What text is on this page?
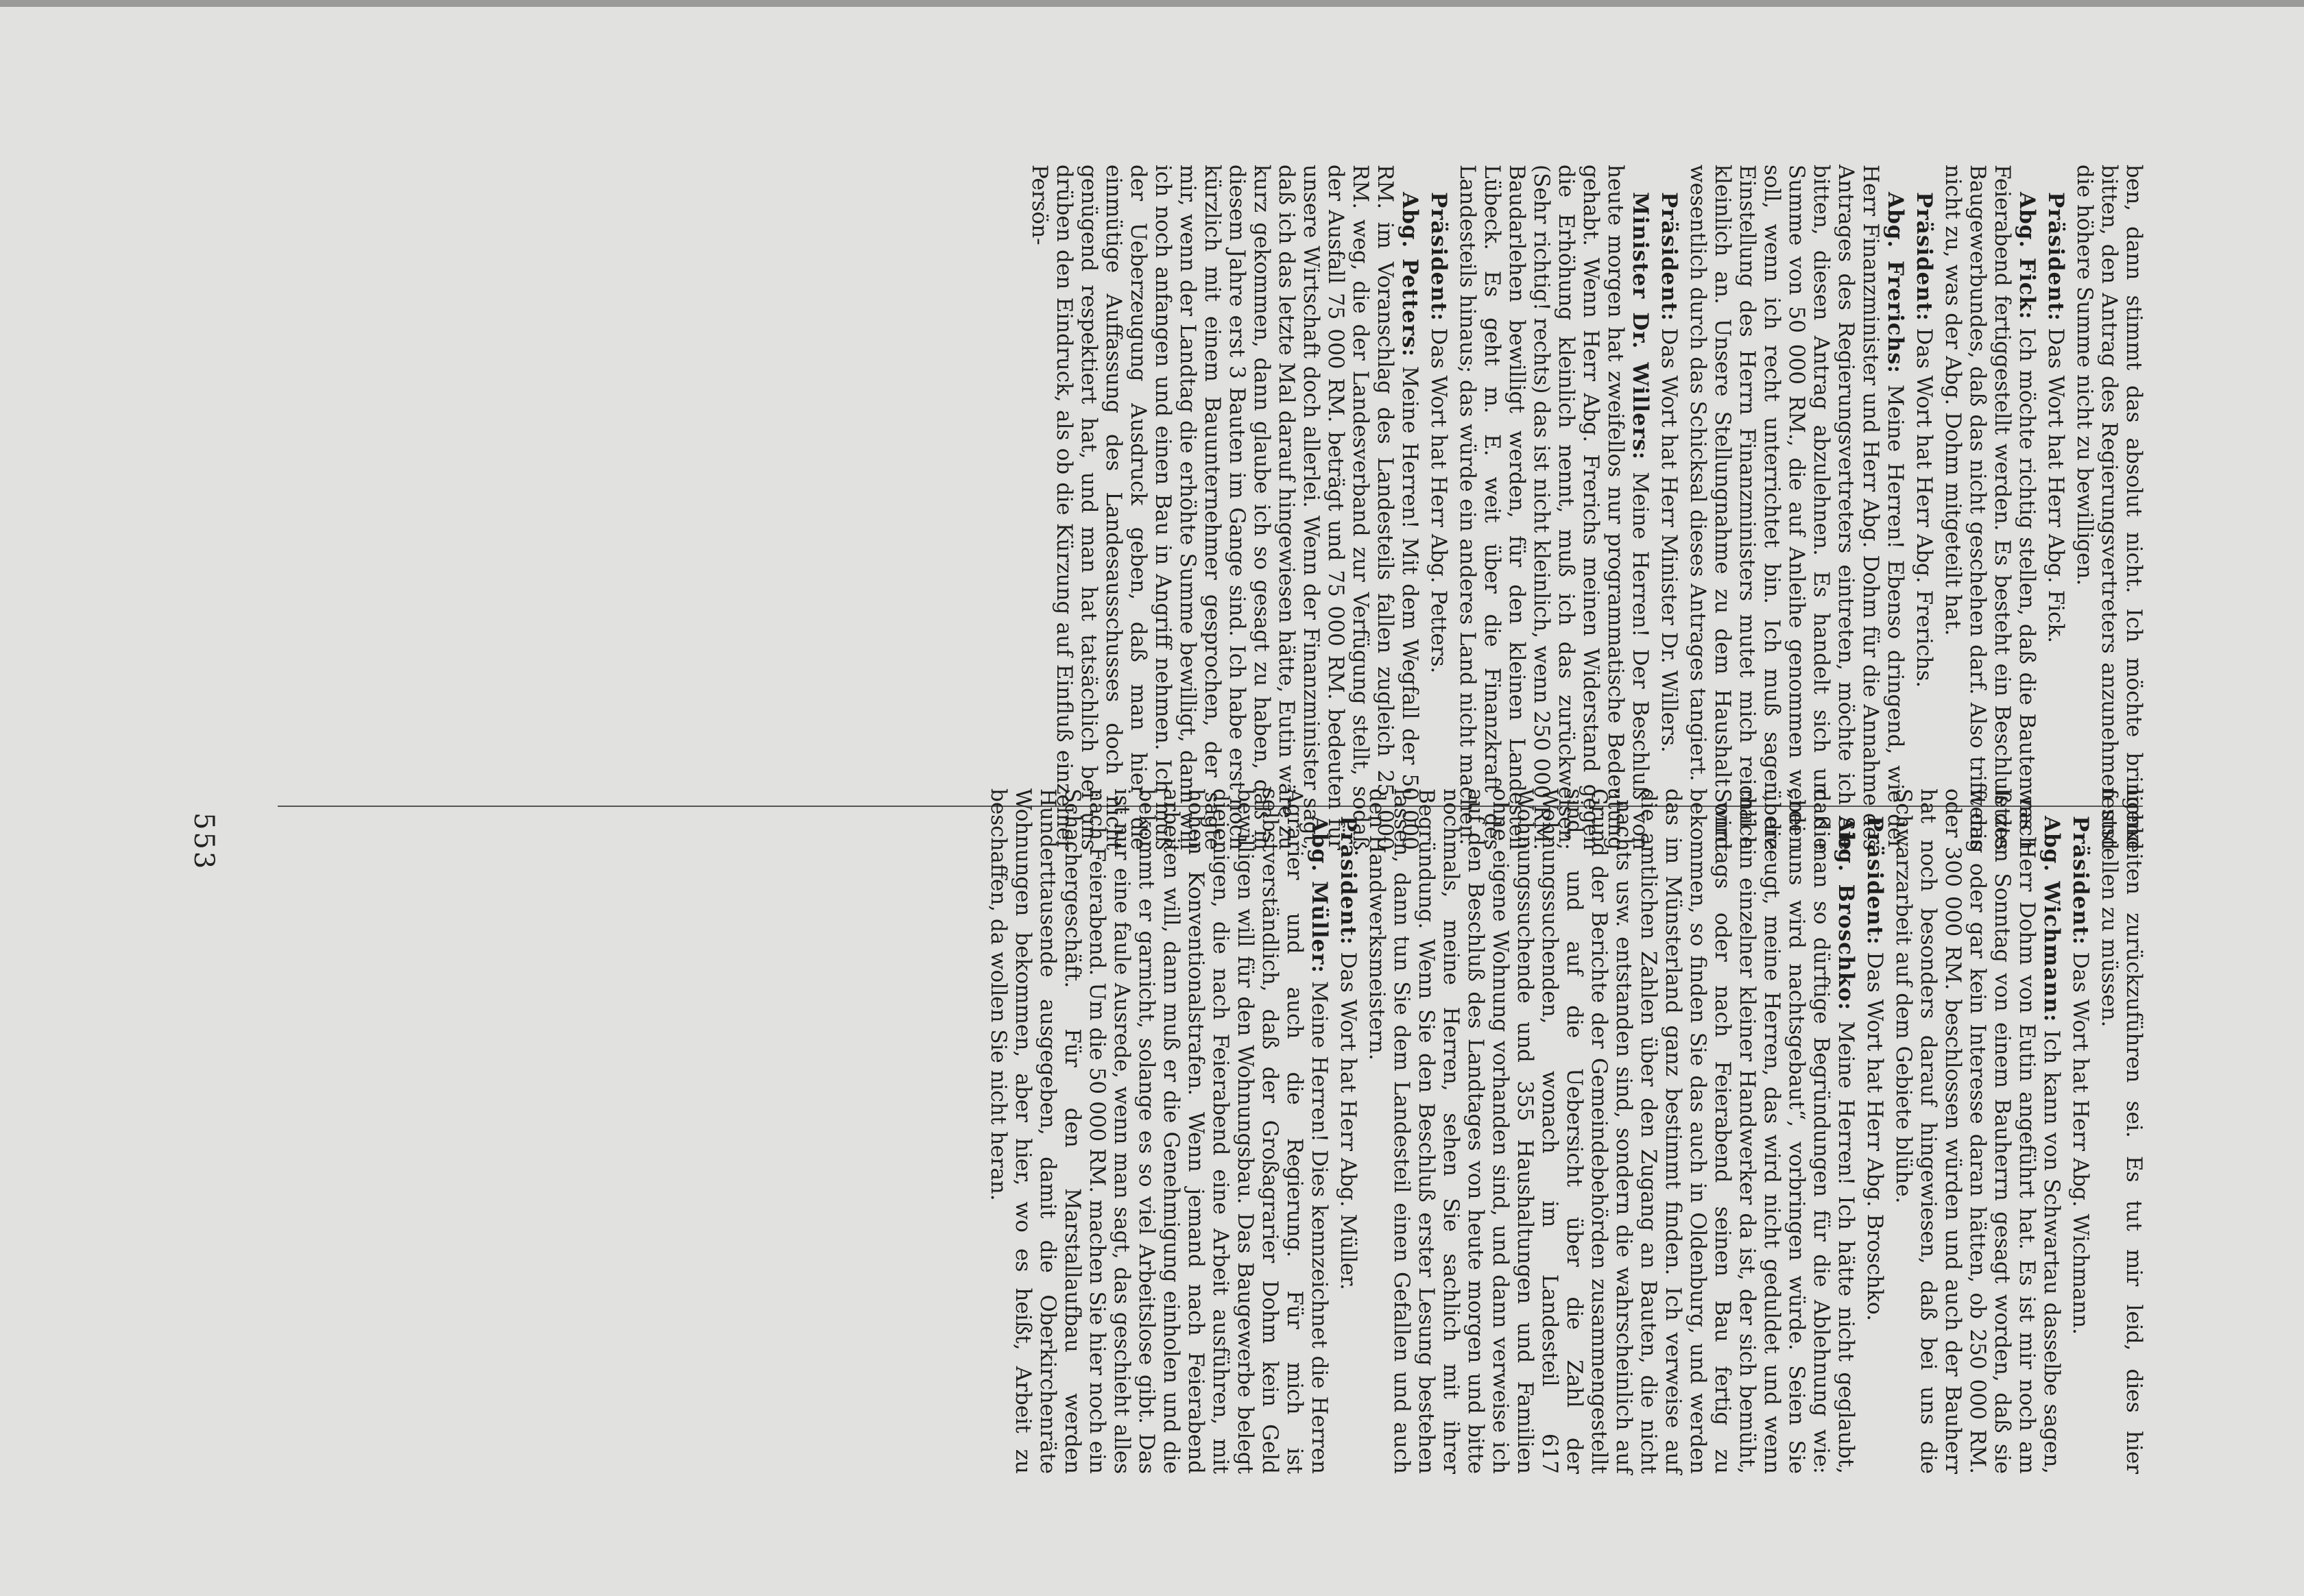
553	ben, dann stimmt das absolut nicht. Ich möchte bringend bitten, den Antrag des Regierungsvertreters anzunehmen und die höhere Summe nicht zu bewilligen.

Präsident: Das Wort hat Herr Abg. Fick.

Abg. Fick: Ich möchte richtig stellen, daß die Bauten nach Feierabend fertiggestellt werden. Es besteht ein Beschluß des Baugewerbundes, daß das nicht geschehen darf. Also trifft das nicht zu, was der Abg. Dohm mitgeteilt hat.

Präsident: Das Wort hat Herr Abg. Frerichs.

Abg. Frerichs: Meine Herren! Ebenso dringend, wie der Herr Finanzminister und Herr Abg. Dohm für die Annahme des Antrages des Regierungsvertreters eintreten, möchte ich Sie bitten, diesen Antrag abzulehnen. Es handelt sich um die Summe von 50 000 RM., die auf Anleihe genommen werden soll, wenn ich recht unterrichtet bin. Ich muß sagen, die Einstellung des Herrn Finanzministers mutet mich reichlich kleinlich an. Unsere Stellungnahme zu dem Haushalt wird wesentlich durch das Schicksal dieses Antrages tangiert.

Präsident: Das Wort hat Herr Minister Dr. Willers.

Minister Dr. Willers: Meine Herren! Der Beschluß von heute morgen hat zweifellos nur programmatische Bedeutung gehabt. Wenn Herr Abg. Frerichs meinen Widerstand gegen die Erhöhung kleinlich nennt, muß ich das zurückweisen; (Sehr richtig! rechts) das ist nicht kleinlich, wenn 250 000 RM. Baudarlehen bewilligt werden, für den kleinen Landesteil Lübeck. Es geht m. E. weit über die Finanzkraft des Landesteils hinaus; das würde ein anderes Land nicht machen.

Präsident: Das Wort hat Herr Abg. Petters.

Abg. Petters: Meine Herren! Mit dem Wegfall der 50 000 RM. im Voranschlag des Landesteils fallen zugleich 25 000 RM. weg, die der Landesverband zur Verfügung stellt, sodaß der Ausfall 75 000 RM. beträgt und 75 000 RM. bedeuten für unsere Wirtschaft doch allerlei. Wenn der Finanzminister sagt, daß ich das letzte Mal darauf hingewiesen hätte, Eutin wäre zu kurz gekommen, dann glaube ich so gesagt zu haben, daß in diesem Jahre erst 3 Bauten im Gange sind. Ich habe erst noch kürzlich mit einem Bauunternehmer gesprochen, der sagte mir, wenn der Landtag die erhöhte Summe bewilligt, dann will ich noch anfangen und einen Bau in Angriff nehmen. Ich muß der Ueberzeugung Ausdruck geben, daß man hier die einmütige Auffassung des Landesausschusses doch nicht genügend respektiert hat, und man hat tatsächlich bei uns drüben den Eindruck, als ob die Kürzung auf Einfluß einzelner Persön-

lichkeiten zurückzuführen sei. Es tut mir leid, dies hier feststellen zu müssen.

Präsident: Das Wort hat Herr Abg. Wichmann.

Abg. Wichmann: Ich kann von Schwartau dasselbe sagen, was Herr Dohm von Eutin angeführt hat. Es ist mir noch am letzten Sonntag von einem Bauherrn gesagt worden, daß sie wenig oder gar kein Interesse daran hätten, ob 250 000 RM. oder 300 000 RM. beschlossen würden und auch der Bauherr hat noch besonders darauf hingewiesen, daß bei uns die Schwarzarbeit auf dem Gebiete blühe.

Präsident: Das Wort hat Herr Abg. Broschko.

Abg. Broschko: Meine Herren! Ich hätte nicht geglaubt, daß man so dürftige Begründungen für die Ablehnung wie: „bei uns wird nachtsgebaut“, vorbringen würde. Seien Sie überzeugt, meine Herren, das wird nicht geduldet und wenn mal ein einzelner kleiner Handwerker da ist, der sich bemüht, Sonntags oder nach Feierabend seinen Bau fertig zu bekommen, so finden Sie das auch in Oldenburg, und werden das im Münsterland ganz bestimmt finden. Ich verweise auf die amtlichen Zahlen über den Zugang an Bauten, die nicht „nachts usw. entstanden sind, sondern die wahrscheinlich auf Grund der Berichte der Gemeindebehörden zusammengestellt sind, und auf die Uebersicht über die Zahl der Wohnungssuchenden, wonach im Landesteil 617 Wohnungssuchende und 355 Haushaltungen und Familien ohne eigene Wohnung vorhanden sind, und dann verweise ich auf den Beschluß des Landtages von heute morgen und bitte nochmals, meine Herren, sehen Sie sachlich mit ihrer Begründung. Wenn Sie den Beschluß erster Lesung bestehen lassen, dann tun Sie dem Landesteil einen Gefallen und auch den Handwerksmeistern.

Präsident: Das Wort hat Herr Abg. Müller.

Abg. Müller: Meine Herren! Dies kennzeichnet die Herren Agrarier und auch die Regierung. Für mich ist selbstverständlich, daß der Großagrarier Dohm kein Geld bewilligen will für den Wohnungsbau. Das Baugewerbe belegt diejenigen, die nach Feierabend eine Arbeit ausführen, mit hohen Konventionalstrafen. Wenn jemand nach Feierabend arbeiten will, dann muß er die Genehmigung einholen und die bekommt er garnicht, solange es so viel Arbeitslose gibt. Das ist nur eine faule Ausrede, wenn man sagt, das geschieht alles nach Feierabend. Um die 50 000 RM. machen Sie hier noch ein Schachergeschäft. Für den Marstallaufbau werden Hunderttausende ausgegeben, damit die Oberkirchenräte Wohnungen bekommen, aber hier, wo es heißt, Arbeit zu beschaffen, da wollen Sie nicht heran.
